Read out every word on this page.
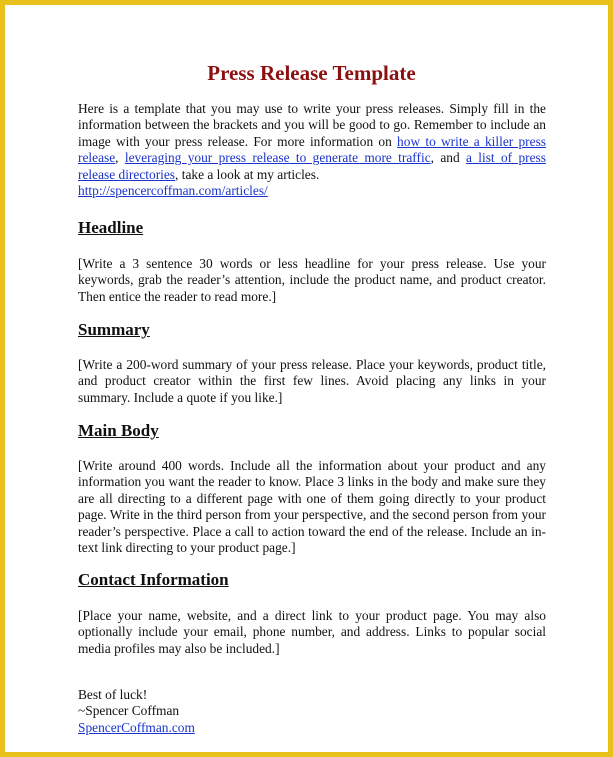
Press Release Template

Here is a template that you may use to write your press releases. Simply fill in the information between the brackets and you will be good to go. Remember to include an image with your press release. For more information on how to write a killer press release, leveraging your press release to generate more traffic, and a list of press release directories, take a look at my articles.
http://spencercoffman.com/articles/

Headline

[Write a 3 sentence 30 words or less headline for your press release. Use your keywords, grab the reader’s attention, include the product name, and product creator. Then entice the reader to read more.]

Summary

[Write a 200-word summary of your press release. Place your keywords, product title, and product creator within the first few lines. Avoid placing any links in your summary. Include a quote if you like.]

Main Body

[Write around 400 words. Include all the information about your product and any information you want the reader to know. Place 3 links in the body and make sure they are all directing to a different page with one of them going directly to your product page. Write in the third person from your perspective, and the second person from your reader’s perspective. Place a call to action toward the end of the release. Include an in-text link directing to your product page.]

Contact Information

[Place your name, website, and a direct link to your product page. You may also optionally include your email, phone number, and address. Links to popular social media profiles may also be included.]

Best of luck!
~Spencer Coffman
SpencerCoffman.com
